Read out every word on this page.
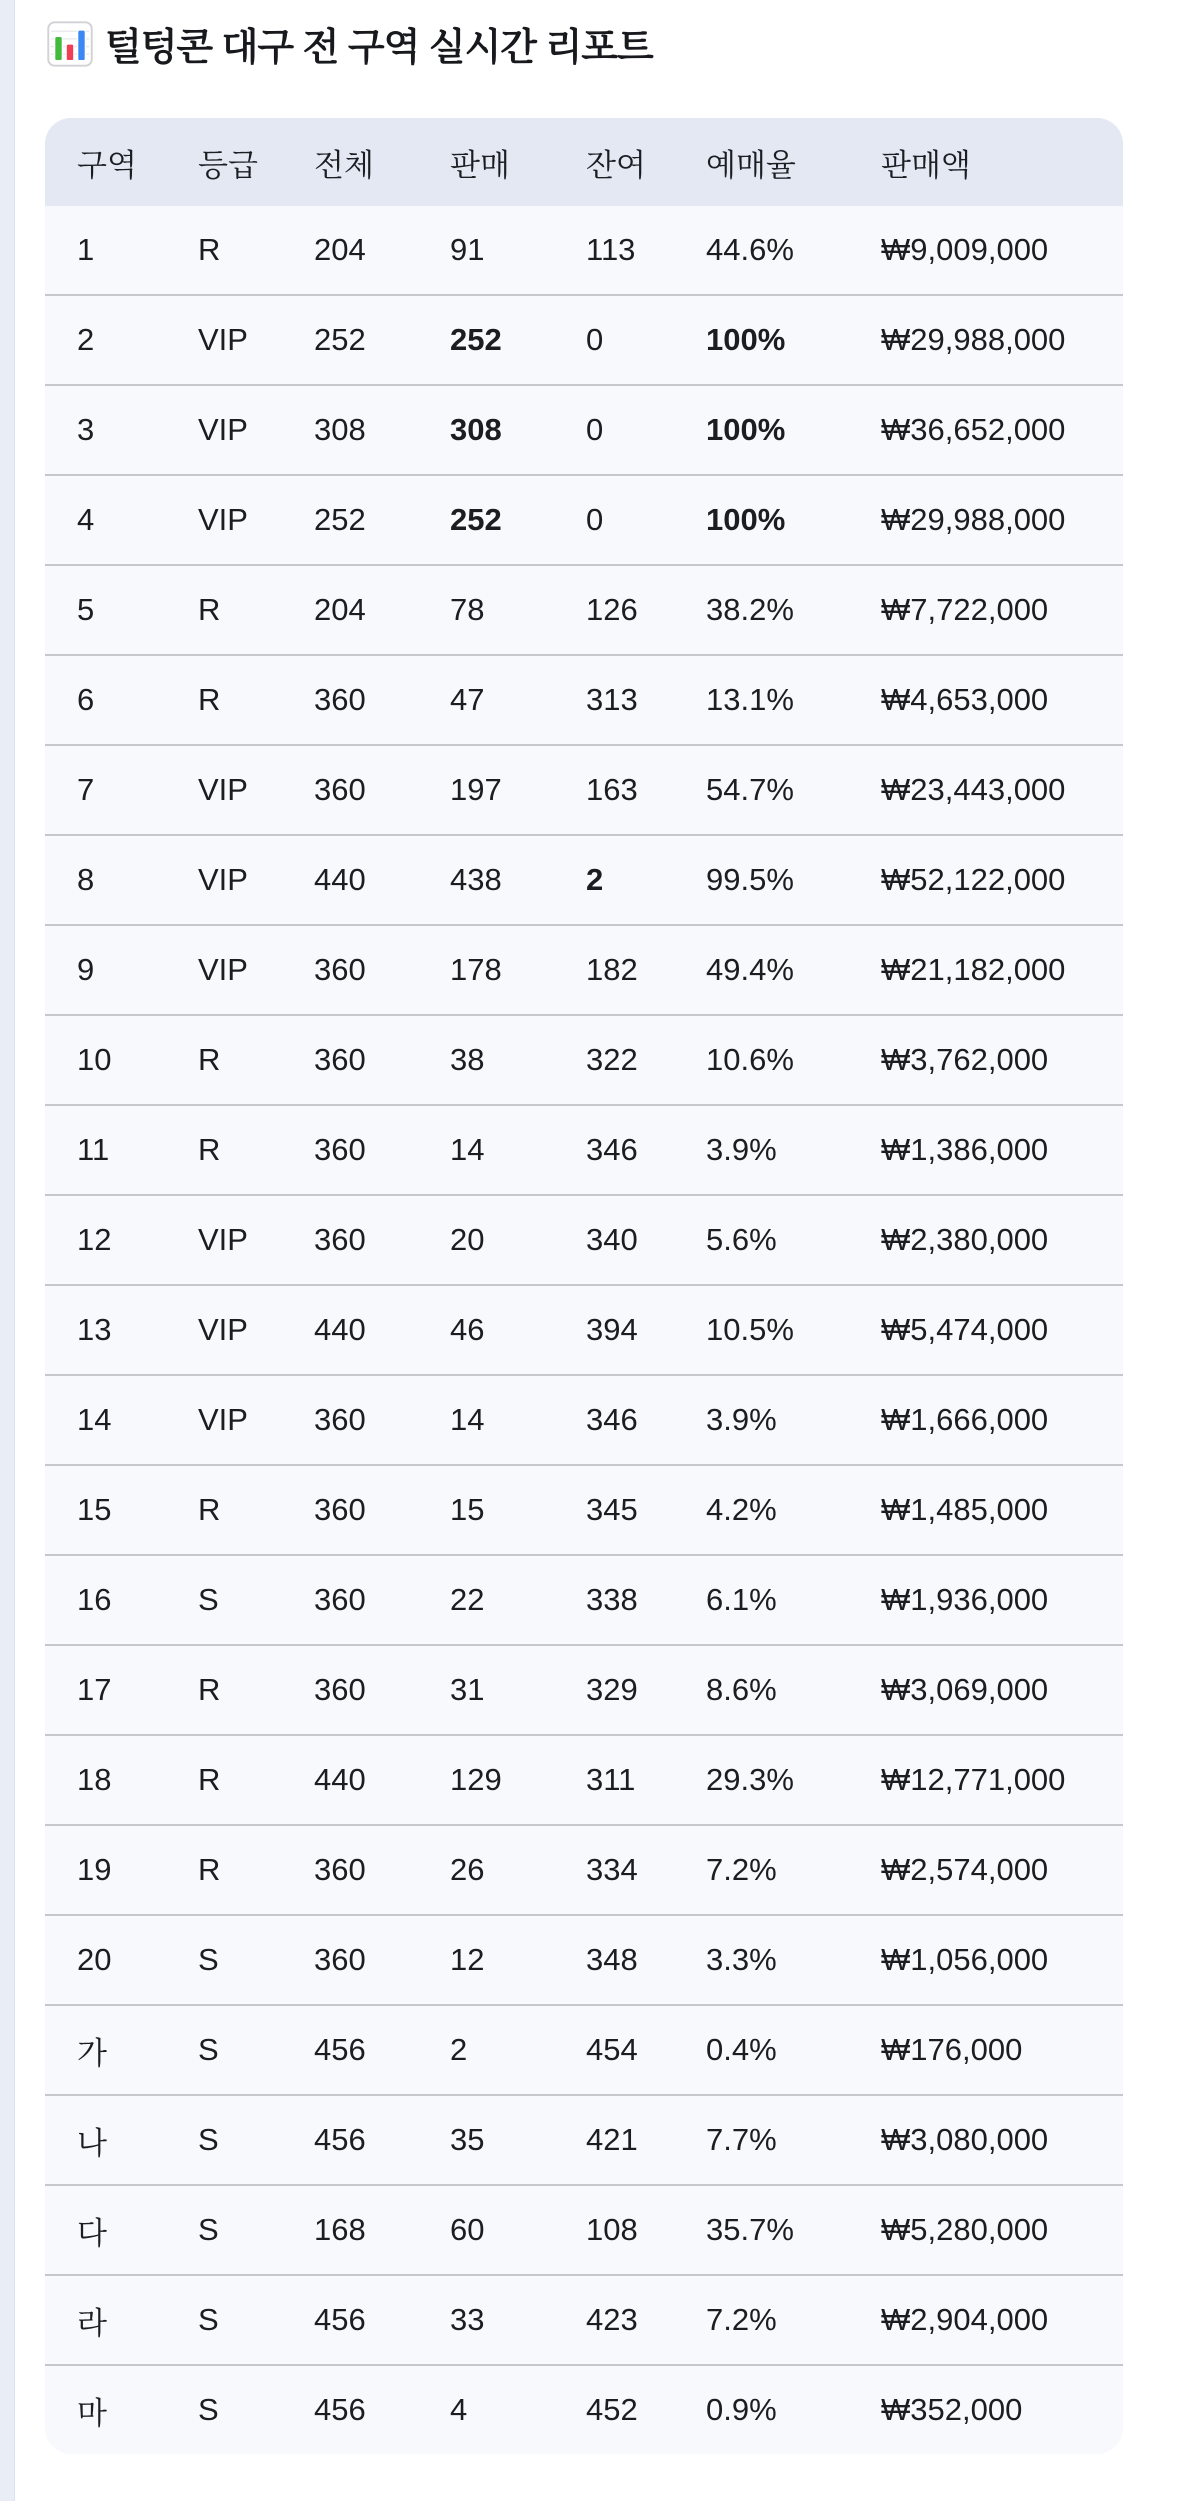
털텅콘 대구 전 구역 실시간 리포트
구역	등급	전체	판매	잔여	예매율	판매액
1	R	204	91	113	44.6%	₩9,009,000
2	VIP	252	252	0	100%	₩29,988,000
3	VIP	308	308	0	100%	₩36,652,000
4	VIP	252	252	0	100%	₩29,988,000
5	R	204	78	126	38.2%	₩7,722,000
6	R	360	47	313	13.1%	₩4,653,000
7	VIP	360	197	163	54.7%	₩23,443,000
8	VIP	440	438	2	99.5%	₩52,122,000
9	VIP	360	178	182	49.4%	₩21,182,000
10	R	360	38	322	10.6%	₩3,762,000
11	R	360	14	346	3.9%	₩1,386,000
12	VIP	360	20	340	5.6%	₩2,380,000
13	VIP	440	46	394	10.5%	₩5,474,000
14	VIP	360	14	346	3.9%	₩1,666,000
15	R	360	15	345	4.2%	₩1,485,000
16	S	360	22	338	6.1%	₩1,936,000
17	R	360	31	329	8.6%	₩3,069,000
18	R	440	129	311	29.3%	₩12,771,000
19	R	360	26	334	7.2%	₩2,574,000
20	S	360	12	348	3.3%	₩1,056,000
가	S	456	2	454	0.4%	₩176,000
나	S	456	35	421	7.7%	₩3,080,000
다	S	168	60	108	35.7%	₩5,280,000
라	S	456	33	423	7.2%	₩2,904,000
마	S	456	4	452	0.9%	₩352,000
